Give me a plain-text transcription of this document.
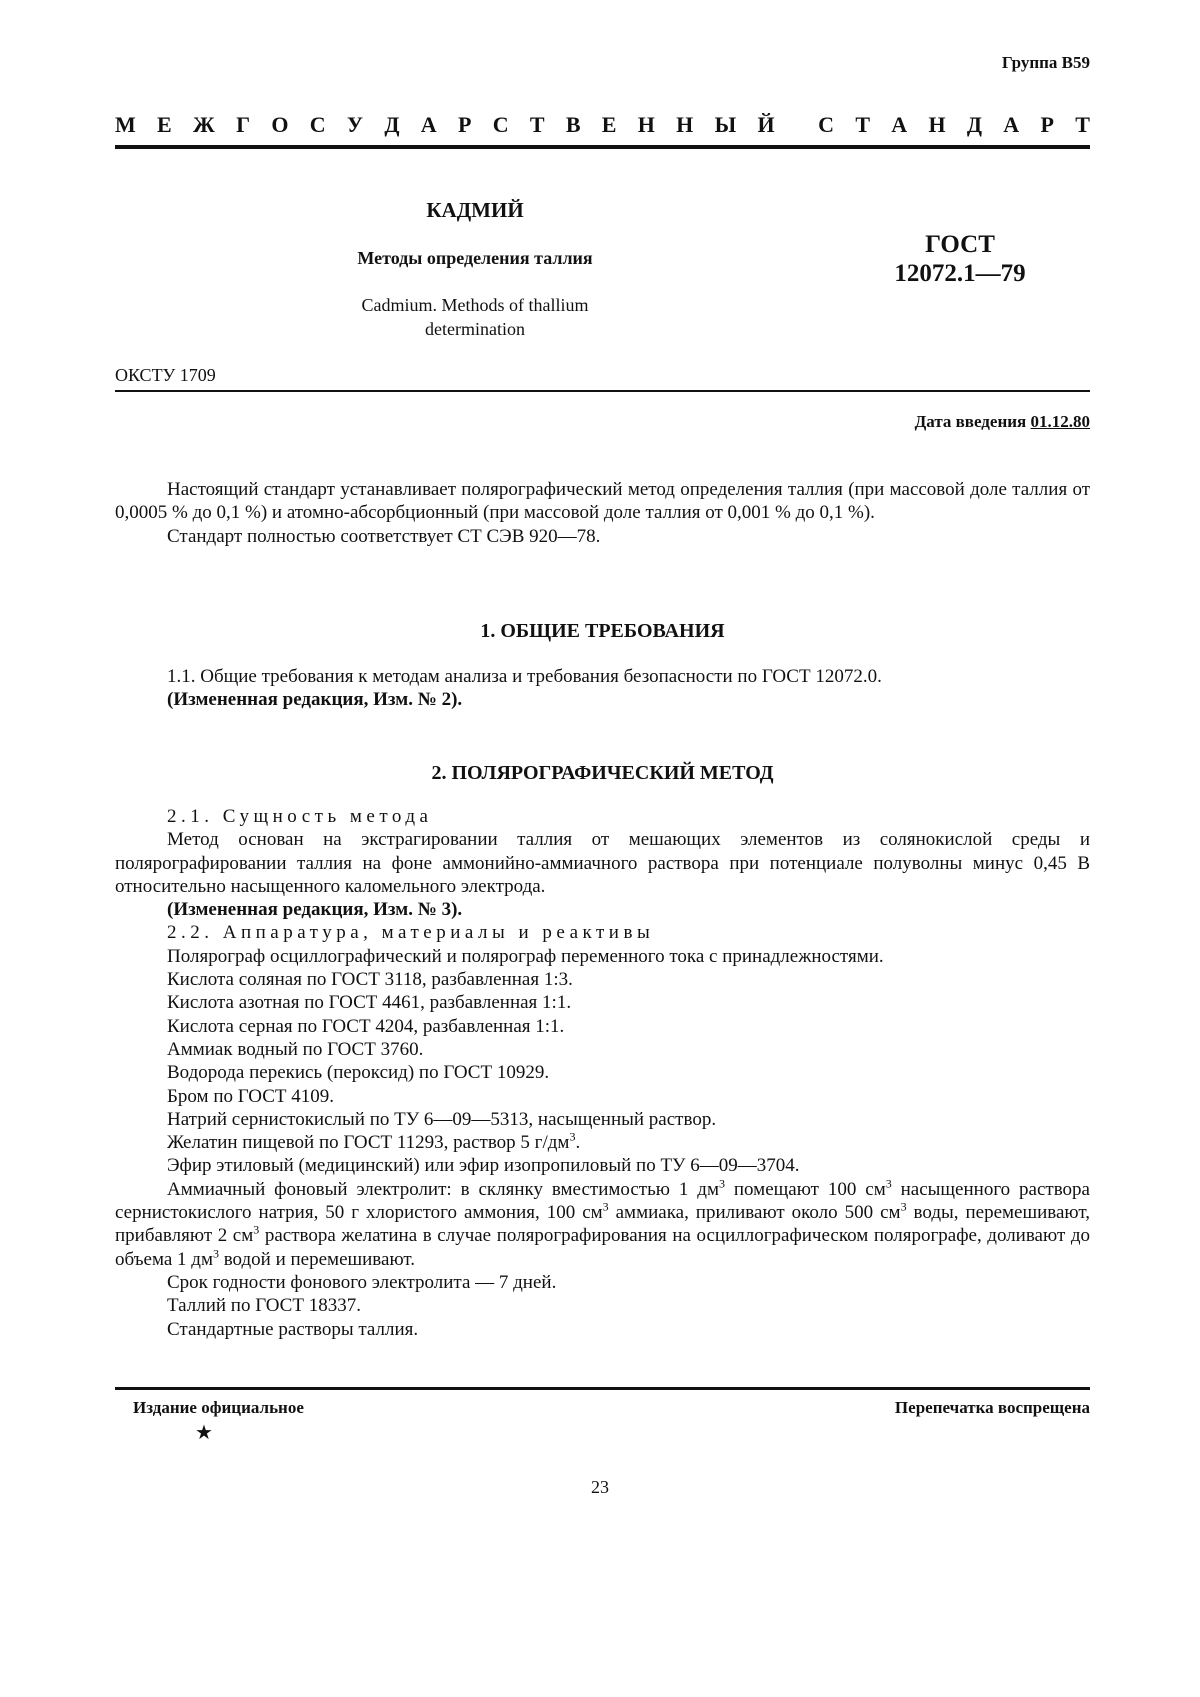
Группа В59
М Е Ж Г О С У Д А Р С Т В Е Н Н Ы Й С Т А Н Д А Р Т
КАДМИЙ
Методы определения таллия
Cadmium. Methods of thallium
determination
ГОСТ
12072.1—79
ОКСТУ 1709
Дата введения 01.12.80

Настоящий стандарт устанавливает полярографический метод определения таллия (при массовой доле таллия от 0,0005 % до 0,1 %) и атомно-абсорбционный (при массовой доле таллия от 0,001 % до 0,1 %).

Стандарт полностью соответствует СТ СЭВ 920—78.

1. ОБЩИЕ ТРЕБОВАНИЯ

1.1. Общие требования к методам анализа и требования безопасности по ГОСТ 12072.0.

(Измененная редакция, Изм. № 2).

2. ПОЛЯРОГРАФИЧЕСКИЙ МЕТОД

2.1. Сущность метода

Метод основан на экстрагировании таллия от мешающих элементов из солянокислой среды и полярографировании таллия на фоне аммонийно-аммиачного раствора при потенциале полуволны минус 0,45 В относительно насыщенного каломельного электрода.

(Измененная редакция, Изм. № 3).

2.2. Аппаратура, материалы и реактивы

Полярограф осциллографический и полярограф переменного тока с принадлежностями.

Кислота соляная по ГОСТ 3118, разбавленная 1:3.

Кислота азотная по ГОСТ 4461, разбавленная 1:1.

Кислота серная по ГОСТ 4204, разбавленная 1:1.

Аммиак водный по ГОСТ 3760.

Водорода перекись (пероксид) по ГОСТ 10929.

Бром по ГОСТ 4109.

Натрий сернистокислый по ТУ 6—09—5313, насыщенный раствор.

Желатин пищевой по ГОСТ 11293, раствор 5 $г/дм^3$.

Эфир этиловый (медицинский) или эфир изопропиловый по ТУ 6—09—3704.

Аммиачный фоновый электролит: в склянку вместимостью 1 $дм^3$ помещают 100 $см^3$ насыщенного раствора сернистокислого натрия, 50 г хлористого аммония, 100 $см^3$ аммиака, приливают около 500 $см^3$ воды, перемешивают, прибавляют 2 $см^3$ раствора желатина в случае полярографирования на осциллографическом полярографе, доливают до объема 1 $дм^3$ водой и перемешивают.

Срок годности фонового электролита — 7 дней.

Таллий по ГОСТ 18337.

Стандартные растворы таллия.

Издание официальное	Перепечатка воспрещена
★
23
